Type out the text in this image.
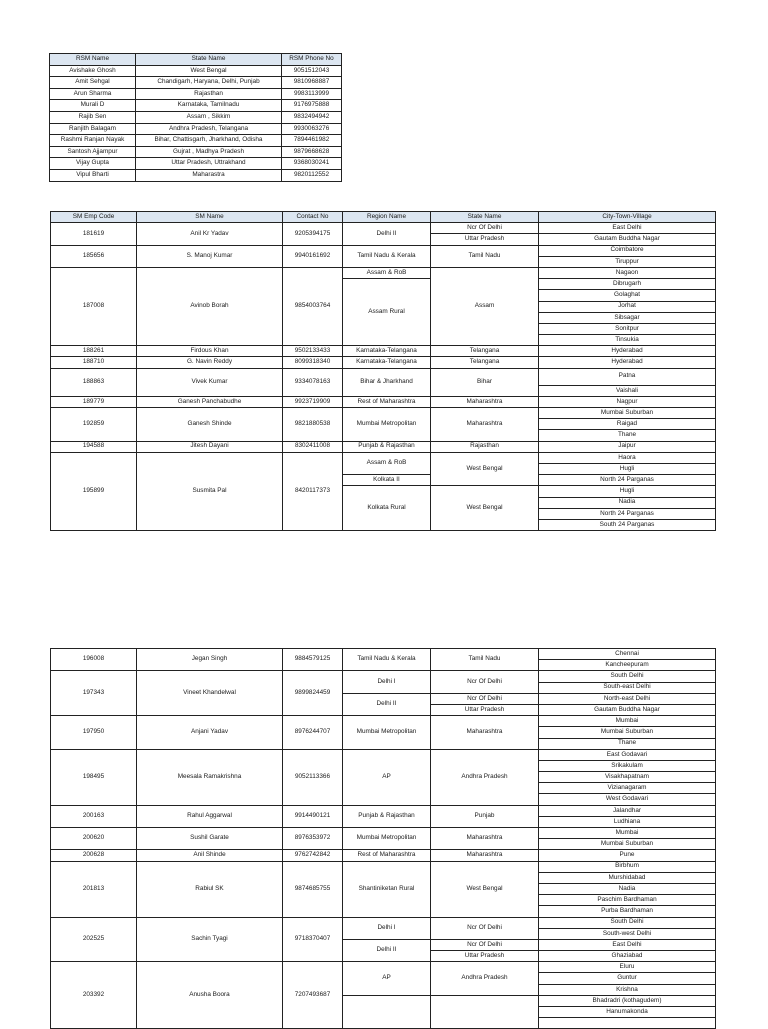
RSM Name	State Name	RSM Phone No
Avishake Ghosh	West Bengal	9051512043
Amit Sehgal	Chandigarh, Haryana, Delhi, Punjab	9810968887
Arun Sharma	Rajasthan	9983113999
Murali D	Karnataka, Tamilnadu	9176975888
Rajib Sen	Assam , Sikkim	9832494942
Ranjith Balagam	Andhra Pradesh, Telangana	9930063276
Rashmi Ranjan Nayak	Bihar, Chattisgarh, Jharkhand, Odisha	7894461982
Santosh Ajjampur	Gujrat , Madhya Pradesh	9879668628
Vijay Gupta	Uttar Pradesh, Uttrakhand	9368030241
Vipul Bharti	Maharastra	9820112552
SM Emp Code	SM Name	Contact No	Region Name	State Name	City-Town-Village
181619	Anil Kr Yadav	9205394175	Delhi II	Ncr Of Delhi	East Delhi
				Uttar Pradesh	Gautam Buddha Nagar
185656	S. Manoj Kumar	9940161692	Tamil Nadu & Kerala	Tamil Nadu	Coimbatore
					Tiruppur
187008	Avinob Borah	9854003764	Assam & RoB	Assam	Nagaon
			Assam Rural		Dibrugarh
					Golaghat
					Jorhat
					Sibsagar
					Sonitpur
					Tinsukia
188261	Firdous Khan	9502133433	Karnataka-Telangana	Telangana	Hyderabad
188710	G. Navin Reddy	8099318340	Karnataka-Telangana	Telangana	Hyderabad
188863	Vivek Kumar	9334078163	Bihar & Jharkhand	Bihar	Patna
					Vaishali
189779	Ganesh Panchabudhe	9923719909	Rest of Maharashtra	Maharashtra	Nagpur
192859	Ganesh Shinde	9821880538	Mumbai Metropolitan	Maharashtra	Mumbai Suburban
					Raigad
					Thane
194588	Jitesh Dayani	8302411008	Punjab & Rajasthan	Rajasthan	Jaipur
195899	Susmita Pal	8420117373	Assam & RoB	West Bengal	Haora
					Hugli
			Kolkata II		North 24 Parganas
			Kolkata Rural	West Bengal	Hugli
					Nadia
					North 24 Parganas
					South 24 Parganas
196008	Jegan Singh	9884579125	Tamil Nadu & Kerala	Tamil Nadu	Chennai
					Kancheepuram
197343	Vineet Khandelwal	9899824459	Delhi I	Ncr Of Delhi	South Delhi
					South-east Delhi
			Delhi II	Ncr Of Delhi	North-east Delhi
				Uttar Pradesh	Gautam Buddha Nagar
197950	Anjani Yadav	8976244707	Mumbai Metropolitan	Maharashtra	Mumbai
					Mumbai Suburban
					Thane
198495	Meesala Ramakrishna	9052113366	AP	Andhra Pradesh	East Godavari
					Srikakulam
					Visakhapatnam
					Vizianagaram
					West Godavari
200163	Rahul Aggarwal	9914490121	Punjab & Rajasthan	Punjab	Jalandhar
					Ludhiana
200620	Sushil Garate	8976353972	Mumbai Metropolitan	Maharashtra	Mumbai
					Mumbai Suburban
200628	Anil Shinde	9762742842	Rest of Maharashtra	Maharashtra	Pune
201813	Rabiul SK	9874685755	Shantiniketan Rural	West Bengal	Birbhum
					Murshidabad
					Nadia
					Paschim Bardhaman
					Purba Bardhaman
202525	Sachin Tyagi	9718370407	Delhi I	Ncr Of Delhi	South Delhi
					South-west Delhi
			Delhi II	Ncr Of Delhi	East Delhi
				Uttar Pradesh	Ghaziabad
203392	Anusha Boora	7207493687	AP	Andhra Pradesh	Eluru
					Guntur
					Krishna
					Bhadradri (kothagudem)
					Hanumakonda
